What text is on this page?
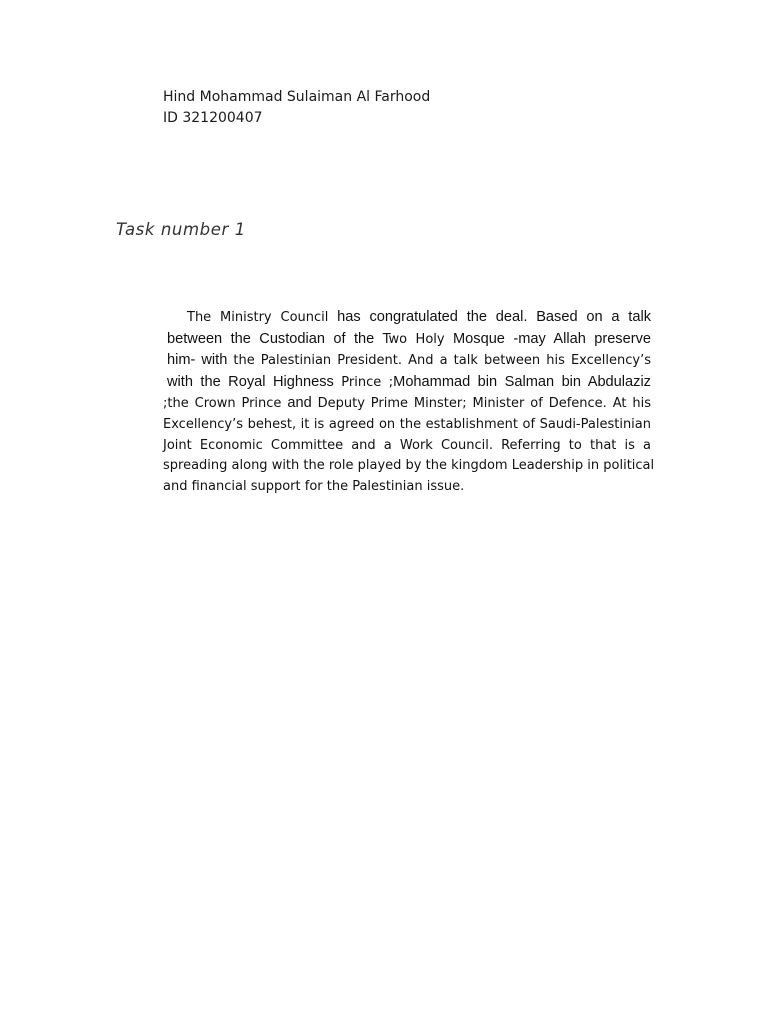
Hind Mohammad Sulaiman Al Farhood
ID 321200407
Task number 1
The Ministry Council has congratulated the deal. Based on a talk
between the Custodian of the Two Holy Mosque -may Allah preserve
him- with the Palestinian President. And a talk between his Excellency’s
with the Royal Highness Prince ;Mohammad bin Salman bin Abdulaziz
;the Crown Prince and Deputy Prime Minster; Minister of Defence. At his
Excellency’s behest, it is agreed on the establishment of Saudi-Palestinian
Joint Economic Committee and a Work Council. Referring to that is a
spreading along with the role played by the kingdom Leadership in political
and financial support for the Palestinian issue.
